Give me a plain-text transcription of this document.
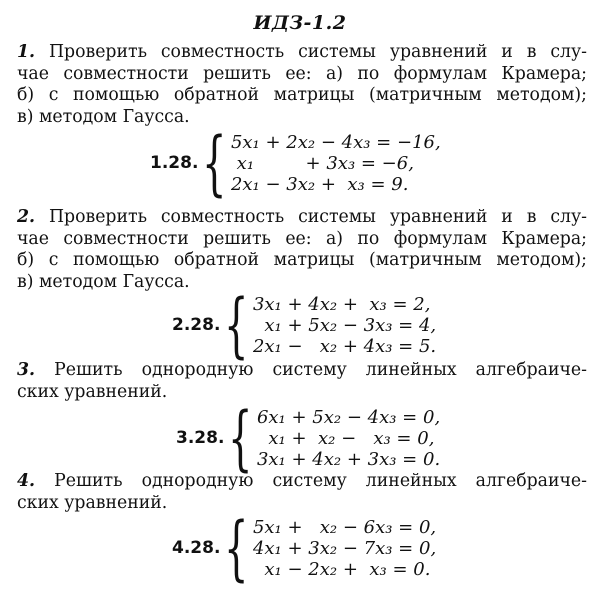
ИДЗ-1.2
1. Проверить совместность системы уравнений и в слу-
чае совместности решить ее: а) по формулам Крамера;
б) с помощью обратной матрицы (матричным методом);
в) методом Гаусса.
1.28. { 5x₁ + 2x₂ − 4x₃ = −16,
x₁         + 3x₃ = −6,
2x₁ − 3x₂ +  x₃ = 9.
2. Проверить совместность системы уравнений и в слу-
чае совместности решить ее: а) по формулам Крамера;
б) с помощью обратной матрицы (матричным методом);
в) методом Гаусса.
2.28. { 3x₁ + 4x₂ +  x₃ = 2,
x₁ + 5x₂ − 3x₃ = 4,
2x₁ −   x₂ + 4x₃ = 5.
3. Решить однородную систему линейных алгебраиче-
ских уравнений.
3.28. { 6x₁ + 5x₂ − 4x₃ = 0,
x₁ +  x₂ −   x₃ = 0,
3x₁ + 4x₂ + 3x₃ = 0.
4. Решить однородную систему линейных алгебраиче-
ских уравнений.
4.28. { 5x₁ +   x₂ − 6x₃ = 0,
4x₁ + 3x₂ − 7x₃ = 0,
x₁ − 2x₂ +  x₃ = 0.
